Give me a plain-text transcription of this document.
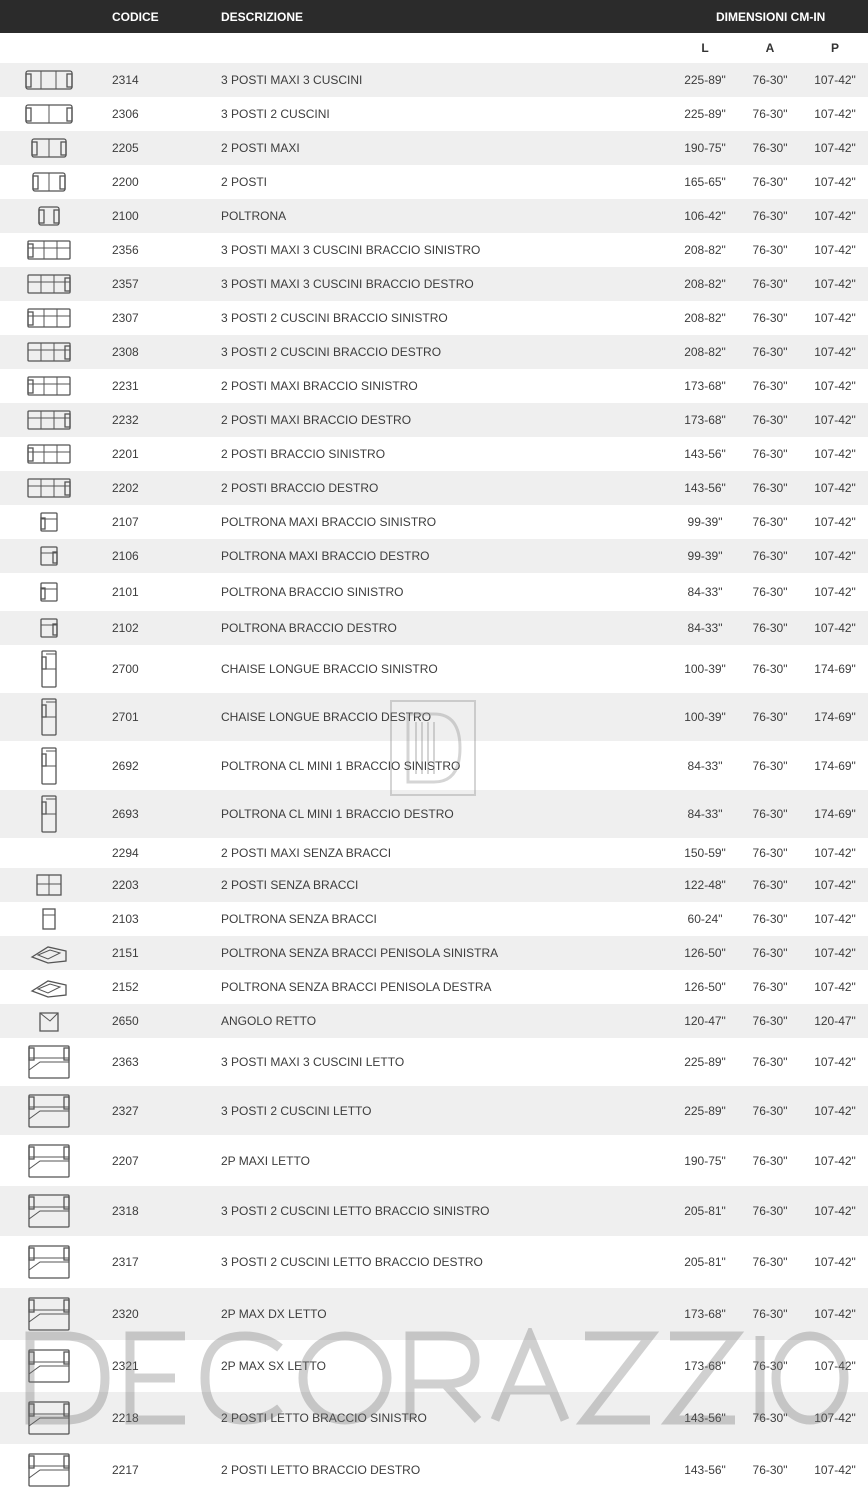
CODICE	DESCRIZIONE	DIMENSIONI CM-IN
L	A	P
2314	3 POSTI MAXI 3 CUSCINI	225-89"	76-30"	107-42"
2306	3 POSTI 2 CUSCINI	225-89"	76-30"	107-42"
2205	2 POSTI MAXI	190-75"	76-30"	107-42"
2200	2 POSTI	165-65"	76-30"	107-42"
2100	POLTRONA	106-42"	76-30"	107-42"
2356	3 POSTI MAXI 3 CUSCINI BRACCIO SINISTRO	208-82"	76-30"	107-42"
2357	3 POSTI MAXI 3 CUSCINI BRACCIO DESTRO	208-82"	76-30"	107-42"
2307	3 POSTI 2 CUSCINI BRACCIO SINISTRO	208-82"	76-30"	107-42"
2308	3 POSTI 2 CUSCINI BRACCIO DESTRO	208-82"	76-30"	107-42"
2231	2 POSTI MAXI BRACCIO SINISTRO	173-68"	76-30"	107-42"
2232	2 POSTI MAXI BRACCIO DESTRO	173-68"	76-30"	107-42"
2201	2 POSTI BRACCIO SINISTRO	143-56"	76-30"	107-42"
2202	2 POSTI BRACCIO DESTRO	143-56"	76-30"	107-42"
2107	POLTRONA MAXI BRACCIO SINISTRO	99-39"	76-30"	107-42"
2106	POLTRONA MAXI BRACCIO DESTRO	99-39"	76-30"	107-42"
2101	POLTRONA BRACCIO SINISTRO	84-33"	76-30"	107-42"
2102	POLTRONA BRACCIO DESTRO	84-33"	76-30"	107-42"
2700	CHAISE LONGUE BRACCIO SINISTRO	100-39"	76-30"	174-69"
2701	CHAISE LONGUE BRACCIO DESTRO	100-39"	76-30"	174-69"
2692	POLTRONA CL MINI 1 BRACCIO SINISTRO	84-33"	76-30"	174-69"
2693	POLTRONA CL MINI 1 BRACCIO DESTRO	84-33"	76-30"	174-69"
2294	2 POSTI MAXI SENZA BRACCI	150-59"	76-30"	107-42"
2203	2 POSTI SENZA BRACCI	122-48"	76-30"	107-42"
2103	POLTRONA SENZA BRACCI	60-24"	76-30"	107-42"
2151	POLTRONA SENZA BRACCI PENISOLA SINISTRA	126-50"	76-30"	107-42"
2152	POLTRONA SENZA BRACCI PENISOLA DESTRA	126-50"	76-30"	107-42"
2650	ANGOLO RETTO	120-47"	76-30"	120-47"
2363	3 POSTI MAXI 3 CUSCINI LETTO	225-89"	76-30"	107-42"
2327	3 POSTI 2 CUSCINI LETTO	225-89"	76-30"	107-42"
2207	2P MAXI LETTO	190-75"	76-30"	107-42"
2318	3 POSTI 2 CUSCINI LETTO BRACCIO SINISTRO	205-81"	76-30"	107-42"
2317	3 POSTI 2 CUSCINI LETTO BRACCIO DESTRO	205-81"	76-30"	107-42"
2320	2P MAX DX LETTO	173-68"	76-30"	107-42"
2321	2P MAX SX LETTO	173-68"	76-30"	107-42"
2218	2 POSTI LETTO BRACCIO SINISTRO	143-56"	76-30"	107-42"
2217	2 POSTI LETTO BRACCIO DESTRO	143-56"	76-30"	107-42"
